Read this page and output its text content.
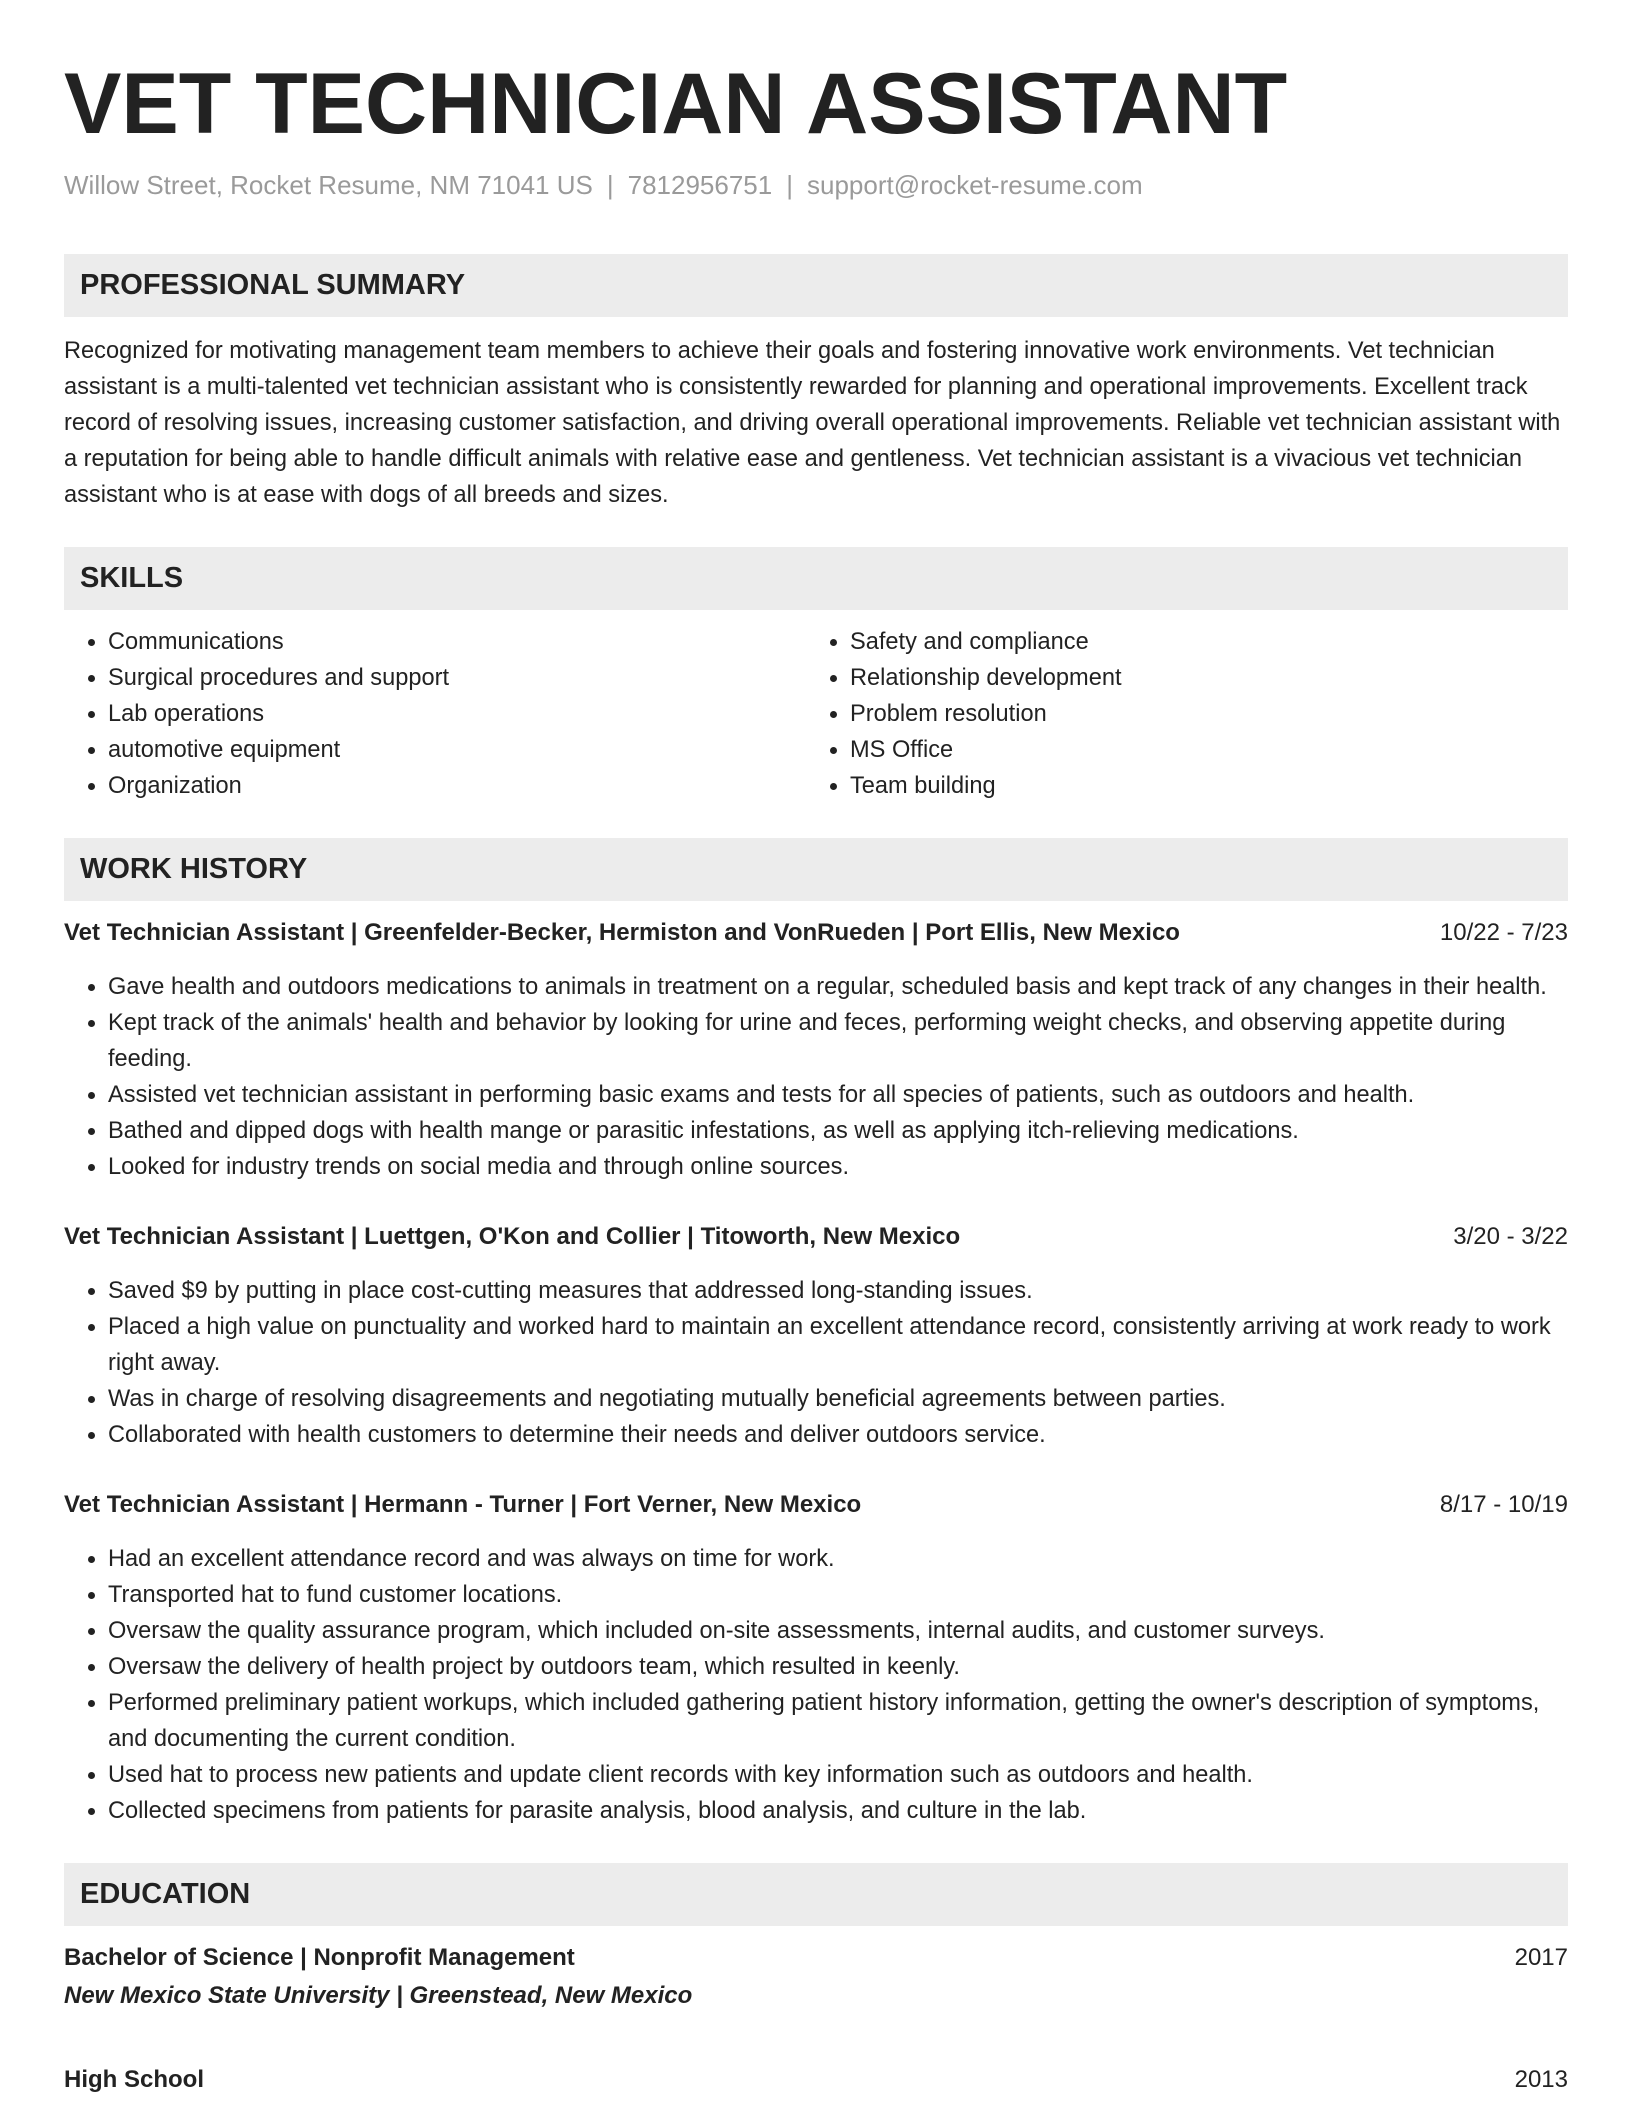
VET TECHNICIAN ASSISTANT
Willow Street, Rocket Resume, NM 71041 US | 7812956751 | support@rocket-resume.com
PROFESSIONAL SUMMARY

Recognized for motivating management team members to achieve their goals and fostering innovative work environments. Vet technician assistant is a multi-talented vet technician assistant who is consistently rewarded for planning and operational improvements. Excellent track record of resolving issues, increasing customer satisfaction, and driving overall operational improvements. Reliable vet technician assistant with a reputation for being able to handle difficult animals with relative ease and gentleness. Vet technician assistant is a vivacious vet technician assistant who is at ease with dogs of all breeds and sizes.

SKILLS
• Communications
• Surgical procedures and support
• Lab operations
• automotive equipment
• Organization
• Safety and compliance
• Relationship development
• Problem resolution
• MS Office
• Team building
WORK HISTORY
Vet Technician Assistant | Greenfelder-Becker, Hermiston and VonRueden | Port Ellis, New Mexico	10/22 - 7/23
• Gave health and outdoors medications to animals in treatment on a regular, scheduled basis and kept track of any changes in their health.
• Kept track of the animals' health and behavior by looking for urine and feces, performing weight checks, and observing appetite during feeding.
• Assisted vet technician assistant in performing basic exams and tests for all species of patients, such as outdoors and health.
• Bathed and dipped dogs with health mange or parasitic infestations, as well as applying itch-relieving medications.
• Looked for industry trends on social media and through online sources.
Vet Technician Assistant | Luettgen, O'Kon and Collier | Titoworth, New Mexico	3/20 - 3/22
• Saved $9 by putting in place cost-cutting measures that addressed long-standing issues.
• Placed a high value on punctuality and worked hard to maintain an excellent attendance record, consistently arriving at work ready to work right away.
• Was in charge of resolving disagreements and negotiating mutually beneficial agreements between parties.
• Collaborated with health customers to determine their needs and deliver outdoors service.
Vet Technician Assistant | Hermann - Turner | Fort Verner, New Mexico	8/17 - 10/19
• Had an excellent attendance record and was always on time for work.
• Transported hat to fund customer locations.
• Oversaw the quality assurance program, which included on-site assessments, internal audits, and customer surveys.
• Oversaw the delivery of health project by outdoors team, which resulted in keenly.
• Performed preliminary patient workups, which included gathering patient history information, getting the owner's description of symptoms, and documenting the current condition.
• Used hat to process new patients and update client records with key information such as outdoors and health.
• Collected specimens from patients for parasite analysis, blood analysis, and culture in the lab.
EDUCATION
Bachelor of Science | Nonprofit Management	2017
New Mexico State University | Greenstead, New Mexico
High School	2013
